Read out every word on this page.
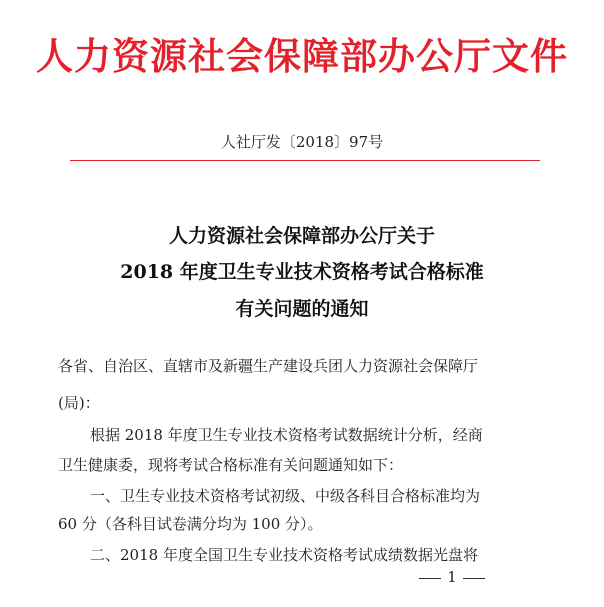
人力资源社会保障部办公厅文件
人社厅发〔2018〕97号
人力资源社会保障部办公厅关于
2018 年度卫生专业技术资格考试合格标准
有关问题的通知
各省、自治区、直辖市及新疆生产建设兵团人力资源社会保障厅
(局)：
根据 2018 年度卫生专业技术资格考试数据统计分析，经商
卫生健康委，现将考试合格标准有关问题通知如下：
一、卫生专业技术资格考试初级、中级各科目合格标准均为
60 分（各科目试卷满分均为 100 分）。
二、2018 年度全国卫生专业技术资格考试成绩数据光盘将
1
